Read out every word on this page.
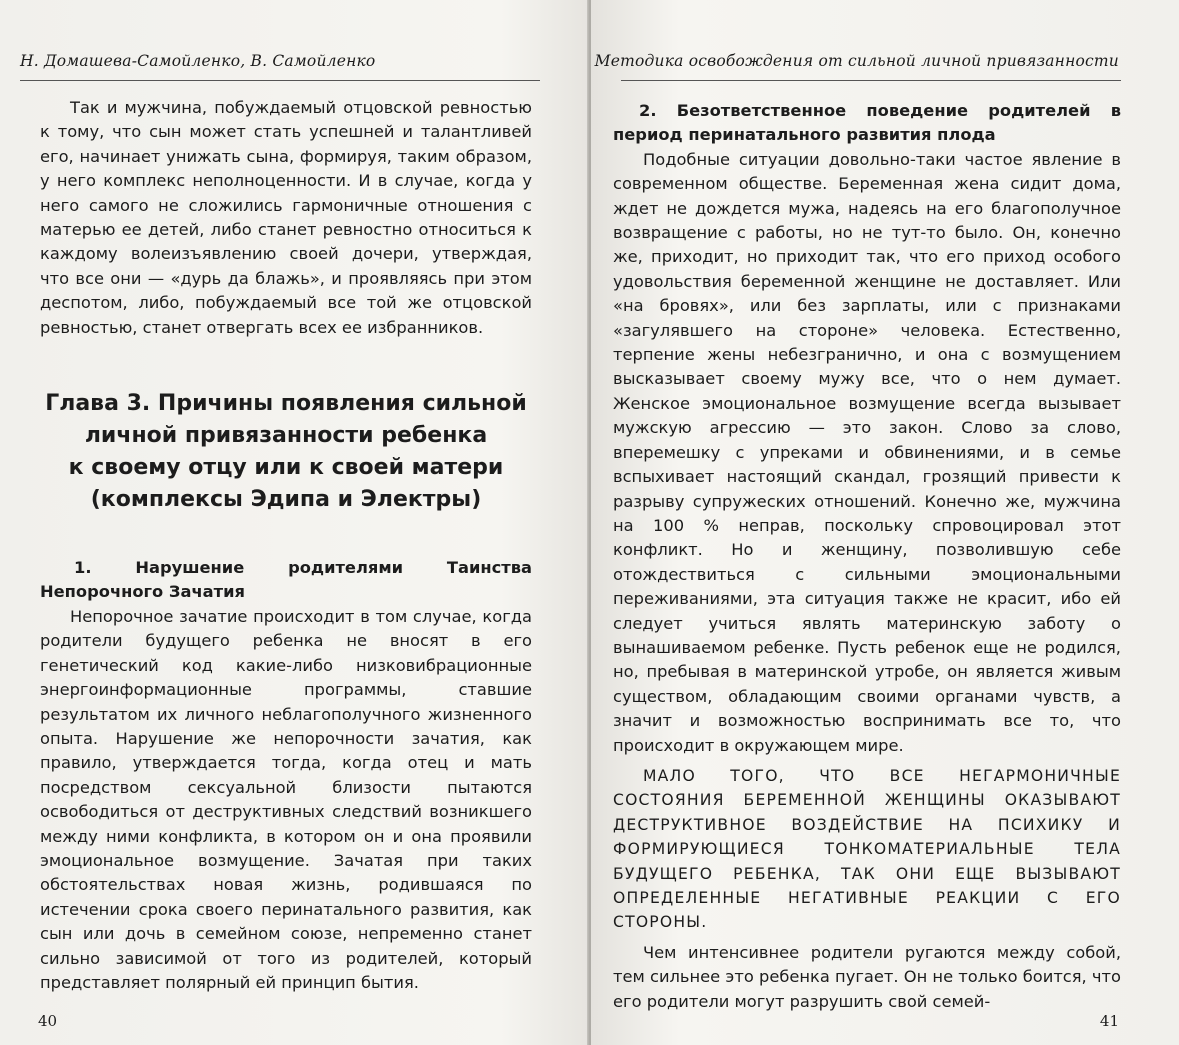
Н. Домашева-Самойленко, В. Самойленко

Так и мужчина, побуждаемый отцовской ревностью к тому, что сын может стать успешней и талантливей его, начинает унижать сына, формируя, таким образом, у него комплекс неполноценности. И в случае, когда у него самого не сложились гармоничные отношения с матерью ее детей, либо станет ревностно относиться к каждому волеизъявлению своей дочери, утверждая, что все они — «дурь да блажь», и проявляясь при этом деспотом, либо, побуждаемый все той же отцовской ревностью, станет отвергать всех ее избранников.

Глава 3. Причины появления сильной
личной привязанности ребенка
к своему отцу или к своей матери
(комплексы Эдипа и Электры)

1. Нарушение родителями Таинства Непорочного Зачатия

Непорочное зачатие происходит в том случае, когда родители будущего ребенка не вносят в его генетический код какие-либо низковибрационные энергоинформационные программы, ставшие результатом их личного неблагополучного жизненного опыта. Нарушение же непорочности зачатия, как правило, утверждается тогда, когда отец и мать посредством сексуальной близости пытаются освободиться от деструктивных следствий возникшего между ними конфликта, в котором он и она проявили эмоциональное возмущение. Зачатая при таких обстоятельствах новая жизнь, родившаяся по истечении срока своего перинатального развития, как сын или дочь в семейном союзе, непременно станет сильно зависимой от того из родителей, который представляет полярный ей принцип бытия.

40
Методика освобождения от сильной личной привязанности

2. Безответственное поведение родителей в период перинатального развития плода

Подобные ситуации довольно-таки частое явление в современном обществе. Беременная жена сидит дома, ждет не дождется мужа, надеясь на его благополучное возвращение с работы, но не тут-то было. Он, конечно же, приходит, но приходит так, что его приход особого удовольствия беременной женщине не доставляет. Или «на бровях», или без зарплаты, или с признаками «загулявшего на стороне» человека. Естественно, терпение жены небезгранично, и она с возмущением высказывает своему мужу все, что о нем думает. Женское эмоциональное возмущение всегда вызывает мужскую агрессию — это закон. Слово за слово, вперемешку с упреками и обвинениями, и в семье вспыхивает настоящий скандал, грозящий привести к разрыву супружеских отношений. Конечно же, мужчина на 100 % неправ, поскольку спровоцировал этот конфликт. Но и женщину, позволившую себе отождествиться с сильными эмоциональными переживаниями, эта ситуация также не красит, ибо ей следует учиться являть материнскую заботу о вынашиваемом ребенке. Пусть ребенок еще не родился, но, пребывая в материнской утробе, он является живым существом, обладающим своими органами чувств, а значит и возможностью воспринимать все то, что происходит в окружающем мире.

МАЛО ТОГО, ЧТО ВСЕ НЕГАРМОНИЧНЫЕ СОСТОЯНИЯ БЕРЕМЕННОЙ ЖЕНЩИНЫ ОКАЗЫВАЮТ ДЕСТРУКТИВНОЕ ВОЗДЕЙСТВИЕ НА ПСИХИКУ И ФОРМИРУЮЩИЕСЯ ТОНКОМАТЕРИАЛЬНЫЕ ТЕЛА БУДУЩЕГО РЕБЕНКА, ТАК ОНИ ЕЩЕ ВЫЗЫВАЮТ ОПРЕДЕЛЕННЫЕ НЕГАТИВНЫЕ РЕАКЦИИ С ЕГО СТОРОНЫ.

Чем интенсивнее родители ругаются между собой, тем сильнее это ребенка пугает. Он не только боится, что его родители могут разрушить свой семей-

41
